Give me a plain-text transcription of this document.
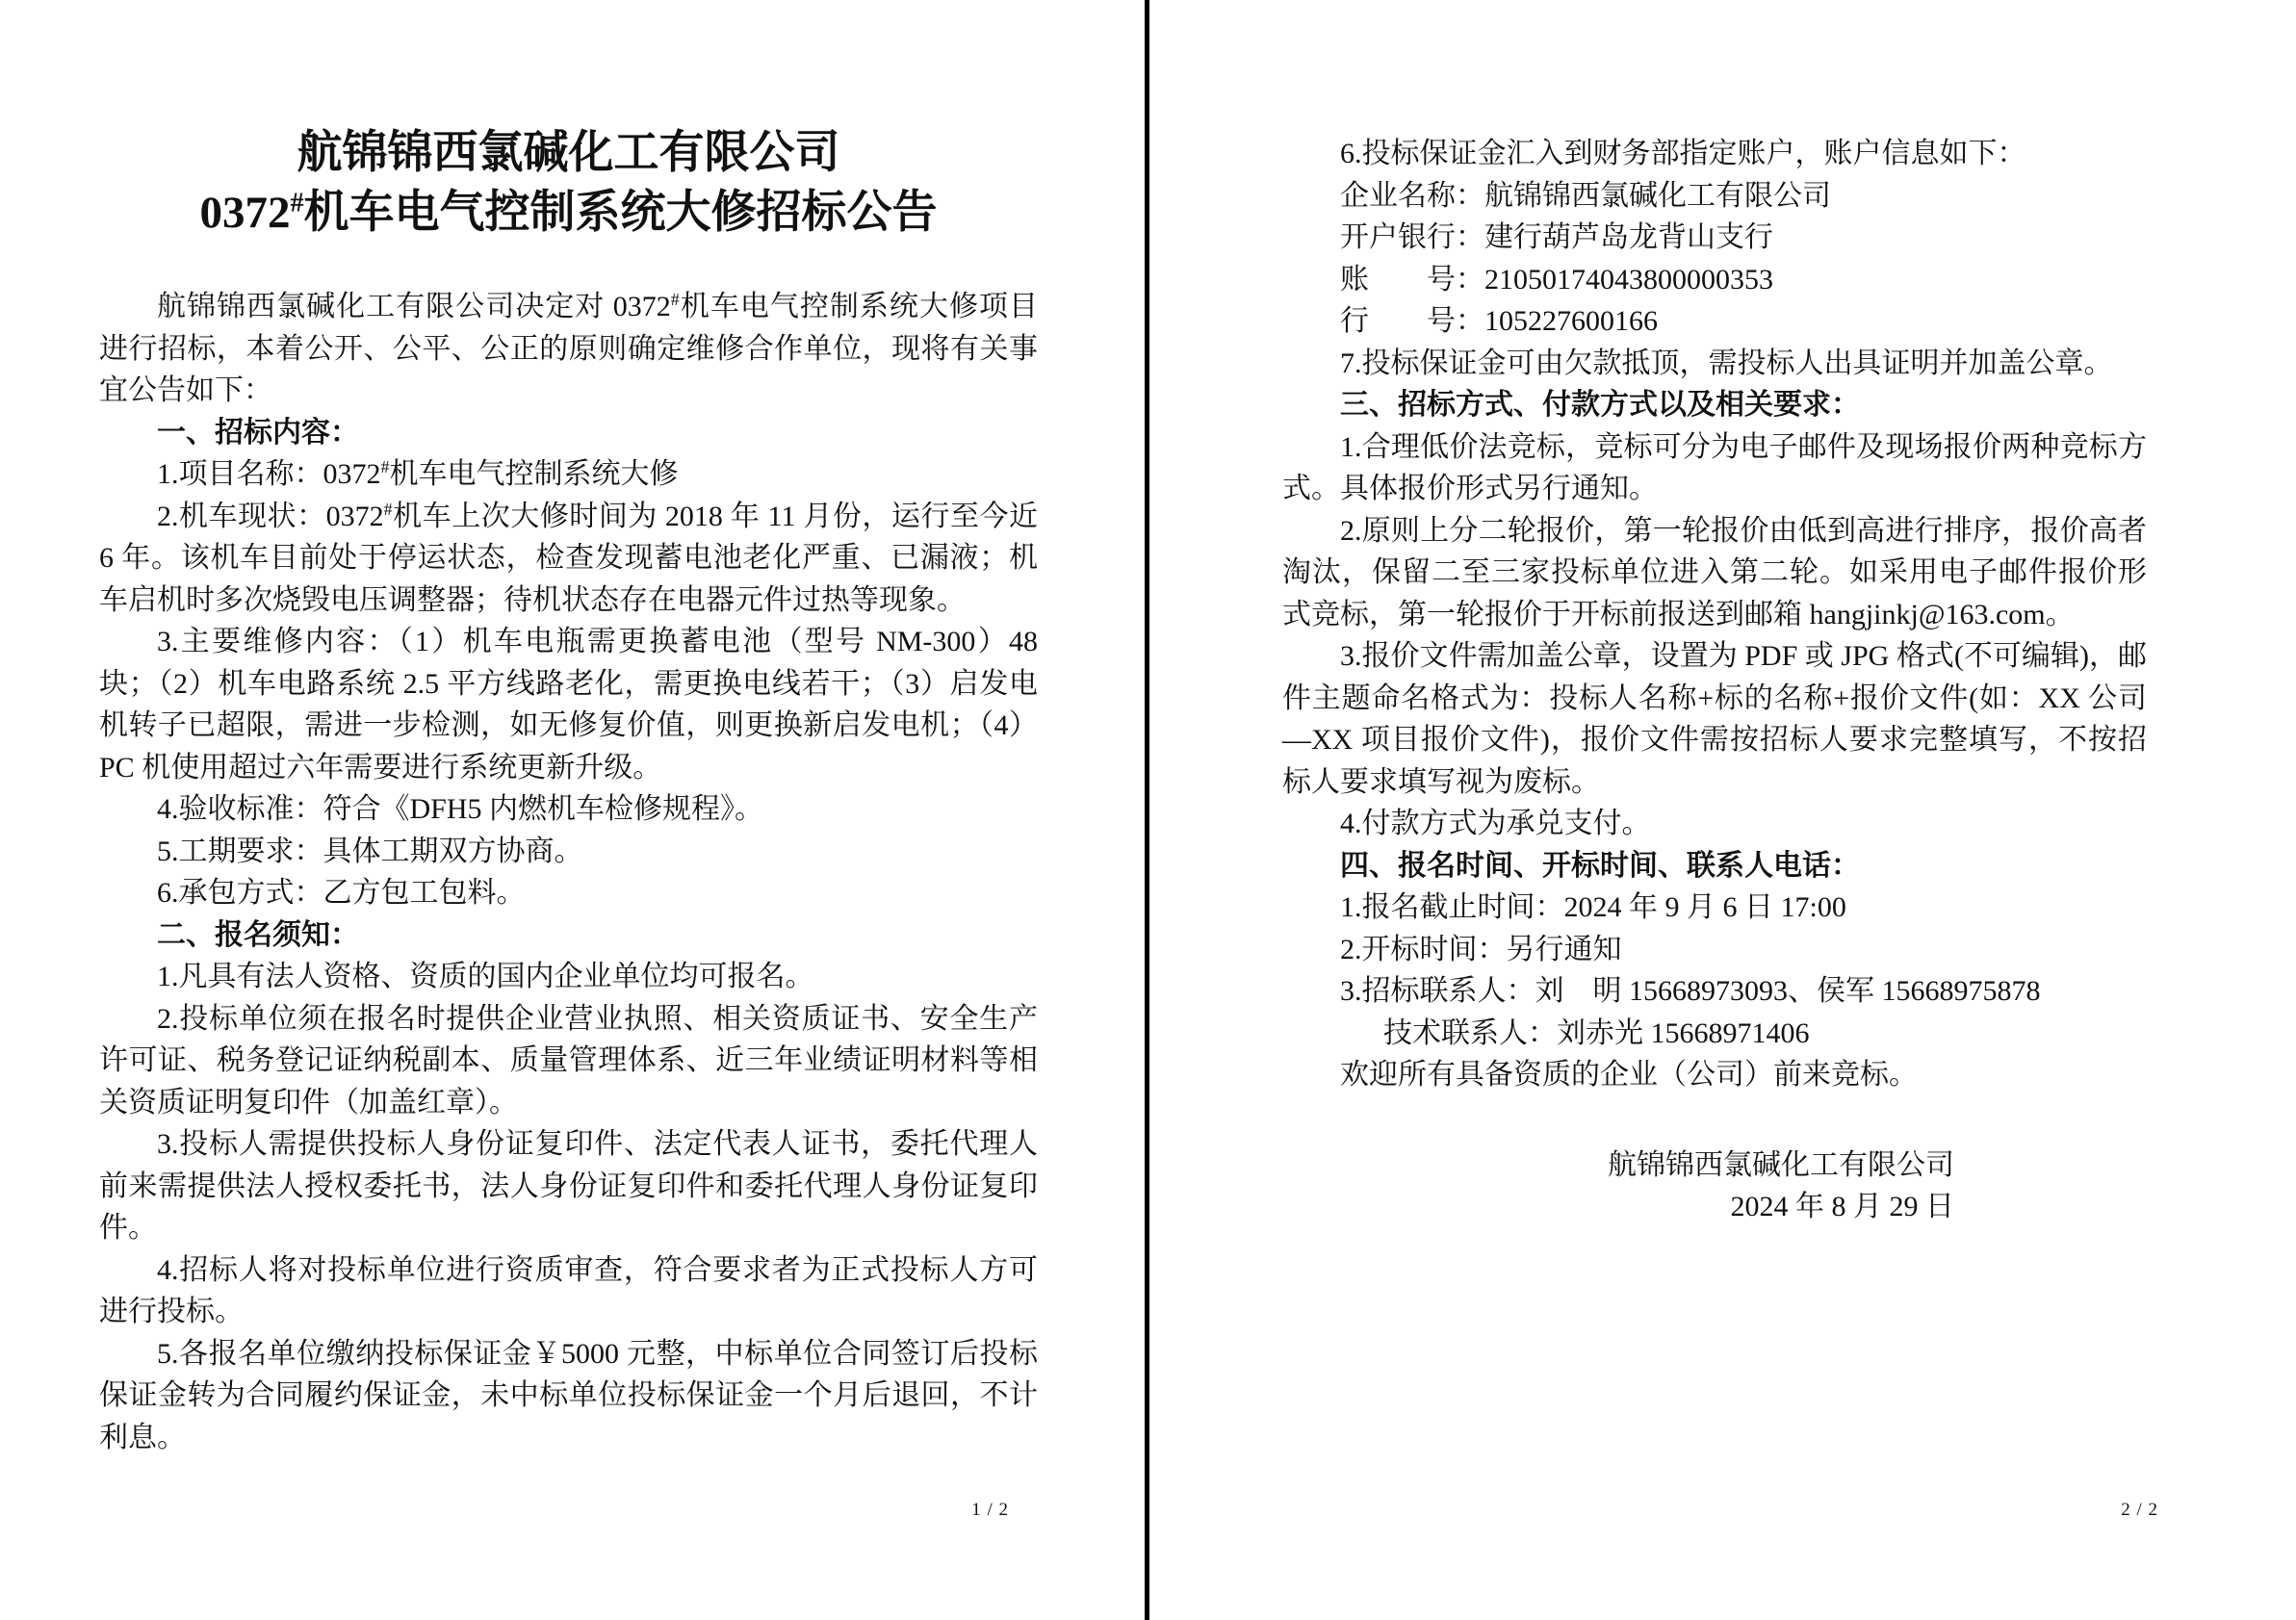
航锦锦西氯碱化工有限公司
0372#机车电气控制系统大修招标公告
航锦锦西氯碱化工有限公司决定对 0372#机车电气控制系统大修项目进行招标，本着公开、公平、公正的原则确定维修合作单位，现将有关事宜公告如下：
一、招标内容：
1.项目名称：0372#机车电气控制系统大修
2.机车现状：0372#机车上次大修时间为 2018 年 11 月份，运行至今近 6 年。该机车目前处于停运状态，检查发现蓄电池老化严重、已漏液；机车启机时多次烧毁电压调整器；待机状态存在电器元件过热等现象。
3.主要维修内容：（1）机车电瓶需更换蓄电池（型号 NM-300）48 块；（2）机车电路系统 2.5 平方线路老化，需更换电线若干；（3）启发电机转子已超限，需进一步检测，如无修复价值，则更换新启发电机；（4）PC 机使用超过六年需要进行系统更新升级。
4.验收标准：符合《DFH5 内燃机车检修规程》。
5.工期要求：具体工期双方协商。
6.承包方式：乙方包工包料。
二、报名须知：
1.凡具有法人资格、资质的国内企业单位均可报名。
2.投标单位须在报名时提供企业营业执照、相关资质证书、安全生产许可证、税务登记证纳税副本、质量管理体系、近三年业绩证明材料等相关资质证明复印件（加盖红章）。
3.投标人需提供投标人身份证复印件、法定代表人证书，委托代理人前来需提供法人授权委托书，法人身份证复印件和委托代理人身份证复印件。
4.招标人将对投标单位进行资质审查，符合要求者为正式投标人方可进行投标。
5.各报名单位缴纳投标保证金￥5000 元整，中标单位合同签订后投标保证金转为合同履约保证金，未中标单位投标保证金一个月后退回，不计利息。
6.投标保证金汇入到财务部指定账户，账户信息如下：
企业名称：航锦锦西氯碱化工有限公司
开户银行：建行葫芦岛龙背山支行
账　　号：21050174043800000353
行　　号：105227600166
7.投标保证金可由欠款抵顶，需投标人出具证明并加盖公章。
三、招标方式、付款方式以及相关要求：
1.合理低价法竞标，竞标可分为电子邮件及现场报价两种竞标方式。具体报价形式另行通知。
2.原则上分二轮报价，第一轮报价由低到高进行排序，报价高者淘汰，保留二至三家投标单位进入第二轮。如采用电子邮件报价形式竞标，第一轮报价于开标前报送到邮箱 hangjinkj@163.com。
3.报价文件需加盖公章，设置为 PDF 或 JPG 格式(不可编辑)，邮件主题命名格式为：投标人名称+标的名称+报价文件(如：XX 公司—XX 项目报价文件)，报价文件需按招标人要求完整填写，不按招标人要求填写视为废标。
4.付款方式为承兑支付。
四、报名时间、开标时间、联系人电话：
1.报名截止时间：2024 年 9 月 6 日 17:00
2.开标时间：另行通知
3.招标联系人：刘　明 15668973093、侯军 15668975878
技术联系人：刘赤光 15668971406
欢迎所有具备资质的企业（公司）前来竞标。
航锦锦西氯碱化工有限公司
2024 年 8 月 29 日
1 / 2	2 / 2
